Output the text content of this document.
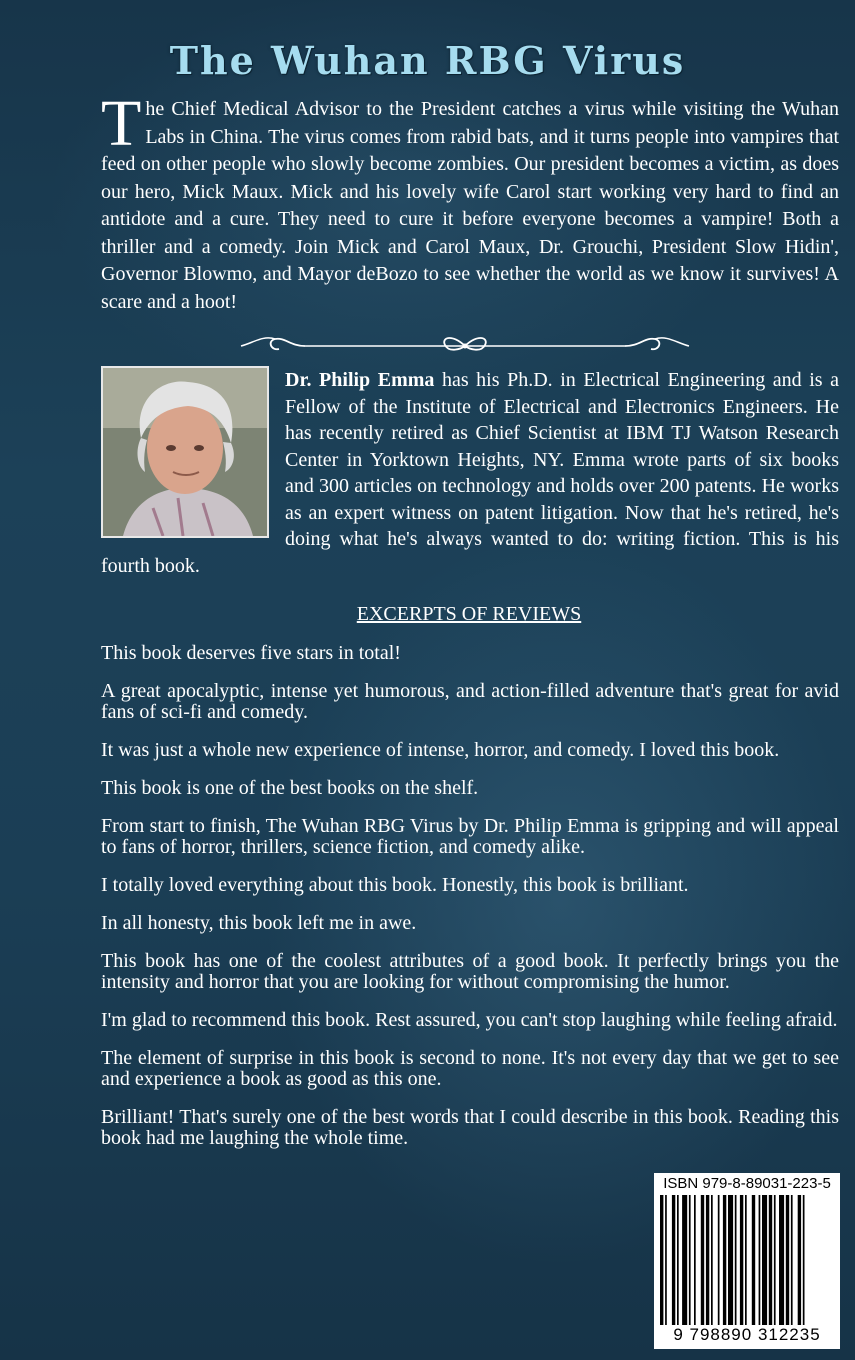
The Wuhan RBG Virus

The Chief Medical Advisor to the President catches a virus while visiting the Wuhan Labs in China. The virus comes from rabid bats, and it turns people into vampires that feed on other people who slowly become zombies. Our president becomes a victim, as does our hero, Mick Maux. Mick and his lovely wife Carol start working very hard to find an antidote and a cure. They need to cure it before everyone becomes a vampire! Both a thriller and a comedy. Join Mick and Carol Maux, Dr. Grouchi, President Slow Hidin', Governor Blowmo, and Mayor deBozo to see whether the world as we know it survives! A scare and a hoot!

Dr. Philip Emma has his Ph.D. in Electrical Engineering and is a Fellow of the Institute of Electrical and Electronics Engineers. He has recently retired as Chief Scientist at IBM TJ Watson Research Center in Yorktown Heights, NY. Emma wrote parts of six books and 300 articles on technology and holds over 200 patents. He works as an expert witness on patent litigation. Now that he's retired, he's doing what he's always wanted to do: writing fiction. This is his fourth book.

EXCERPTS OF REVIEWS
This book deserves five stars in total!
A great apocalyptic, intense yet humorous, and action-filled adventure that's great for avid fans of sci-fi and comedy.
It was just a whole new experience of intense, horror, and comedy. I loved this book.
This book is one of the best books on the shelf.
From start to finish, The Wuhan RBG Virus by Dr. Philip Emma is gripping and will appeal to fans of horror, thrillers, science fiction, and comedy alike.
I totally loved everything about this book. Honestly, this book is brilliant.
In all honesty, this book left me in awe.
This book has one of the coolest attributes of a good book. It perfectly brings you the intensity and horror that you are looking for without compromising the humor.
I'm glad to recommend this book. Rest assured, you can't stop laughing while feeling afraid.
The element of surprise in this book is second to none. It's not every day that we get to see and experience a book as good as this one.
Brilliant! That's surely one of the best words that I could describe in this book. Reading this book had me laughing the whole time.
ISBN 979-8-89031-223-5
9 798890 312235
